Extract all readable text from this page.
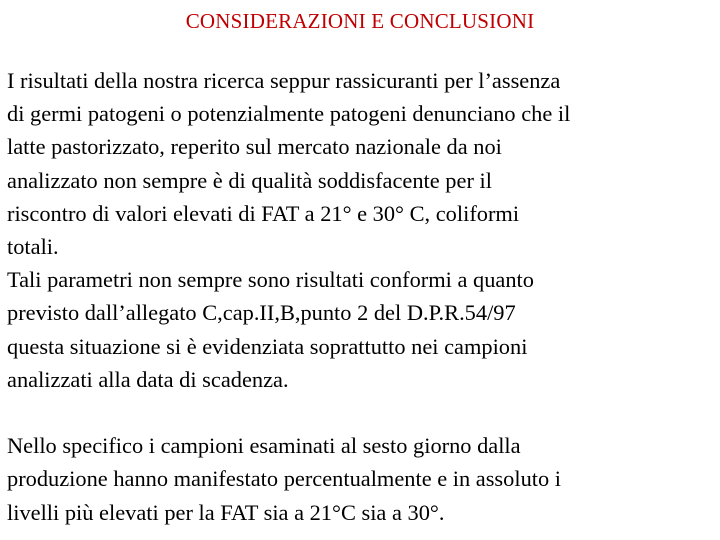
CONSIDERAZIONI E CONCLUSIONI
I risultati della nostra ricerca seppur rassicuranti per l’assenza
di germi patogeni o potenzialmente patogeni denunciano che il
latte pastorizzato, reperito sul mercato nazionale da noi
analizzato non sempre è di qualità soddisfacente per il
riscontro di valori elevati di FAT a 21° e 30° C, coliformi
totali.
Tali parametri non sempre sono risultati conformi a quanto
previsto dall’allegato C,cap.II,B,punto 2 del D.P.R.54/97
questa situazione si è evidenziata soprattutto nei campioni
analizzati alla data di scadenza.
Nello specifico i campioni esaminati al sesto giorno dalla
produzione hanno manifestato percentualmente e in assoluto i
livelli più elevati per la FAT sia a 21°C sia a 30°.
